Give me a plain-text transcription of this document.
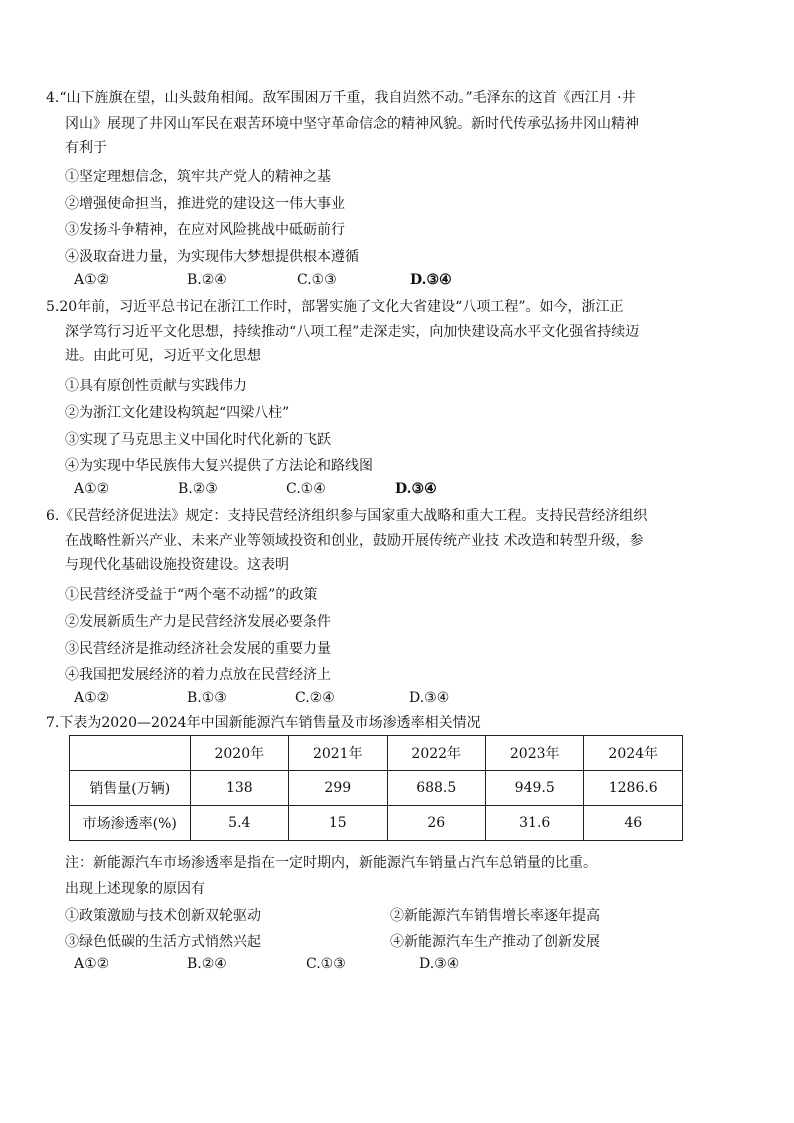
4.“山下旌旗在望，山头鼓角相闻。敌军围困万千重，我自岿然不动。”毛泽东的这首《西江月 ·井
冈山》展现了井冈山军民在艰苦环境中坚守革命信念的精神风貌。新时代传承弘扬井冈山精神
有利于
①坚定理想信念，筑牢共产党人的精神之基
②增强使命担当，推进党的建设这一伟大事业
③发扬斗争精神，在应对风险挑战中砥砺前行
④汲取奋进力量，为实现伟大梦想提供根本遵循
A①②	B.②④	C.①③	D.③④
5.20年前，习近平总书记在浙江工作时，部署实施了文化大省建设“八项工程”。如今，浙江正
深学笃行习近平文化思想，持续推动“八项工程”走深走实，向加快建设高水平文化强省持续迈
进。由此可见，习近平文化思想
①具有原创性贡献与实践伟力
②为浙江文化建设构筑起“四梁八柱”
③实现了马克思主义中国化时代化新的飞跃
④为实现中华民族伟大复兴提供了方法论和路线图
A①②	B.②③	C.①④	D.③④
6.《民营经济促进法》规定：支持民营经济组织参与国家重大战略和重大工程。支持民营经济组织
在战略性新兴产业、未来产业等领域投资和创业，鼓励开展传统产业技 术改造和转型升级，参
与现代化基础设施投资建设。这表明
①民营经济受益于“两个毫不动摇”的政策
②发展新质生产力是民营经济发展必要条件
③民营经济是推动经济社会发展的重要力量
④我国把发展经济的着力点放在民营经济上
A①②	B.①③	C.②④	D.③④
7.下表为2020—2024年中国新能源汽车销售量及市场渗透率相关情况
	2020年	2021年	2022年	2023年	2024年
销售量(万辆)	138	299	688.5	949.5	1286.6
市场渗透率(%)	5.4	15	26	31.6	46
注：新能源汽车市场渗透率是指在一定时期内，新能源汽车销量占汽车总销量的比重。
出现上述现象的原因有
①政策激励与技术创新双轮驱动	②新能源汽车销售增长率逐年提高
③绿色低碳的生活方式悄然兴起	④新能源汽车生产推动了创新发展
A①②	B.②④	C.①③	D.③④
